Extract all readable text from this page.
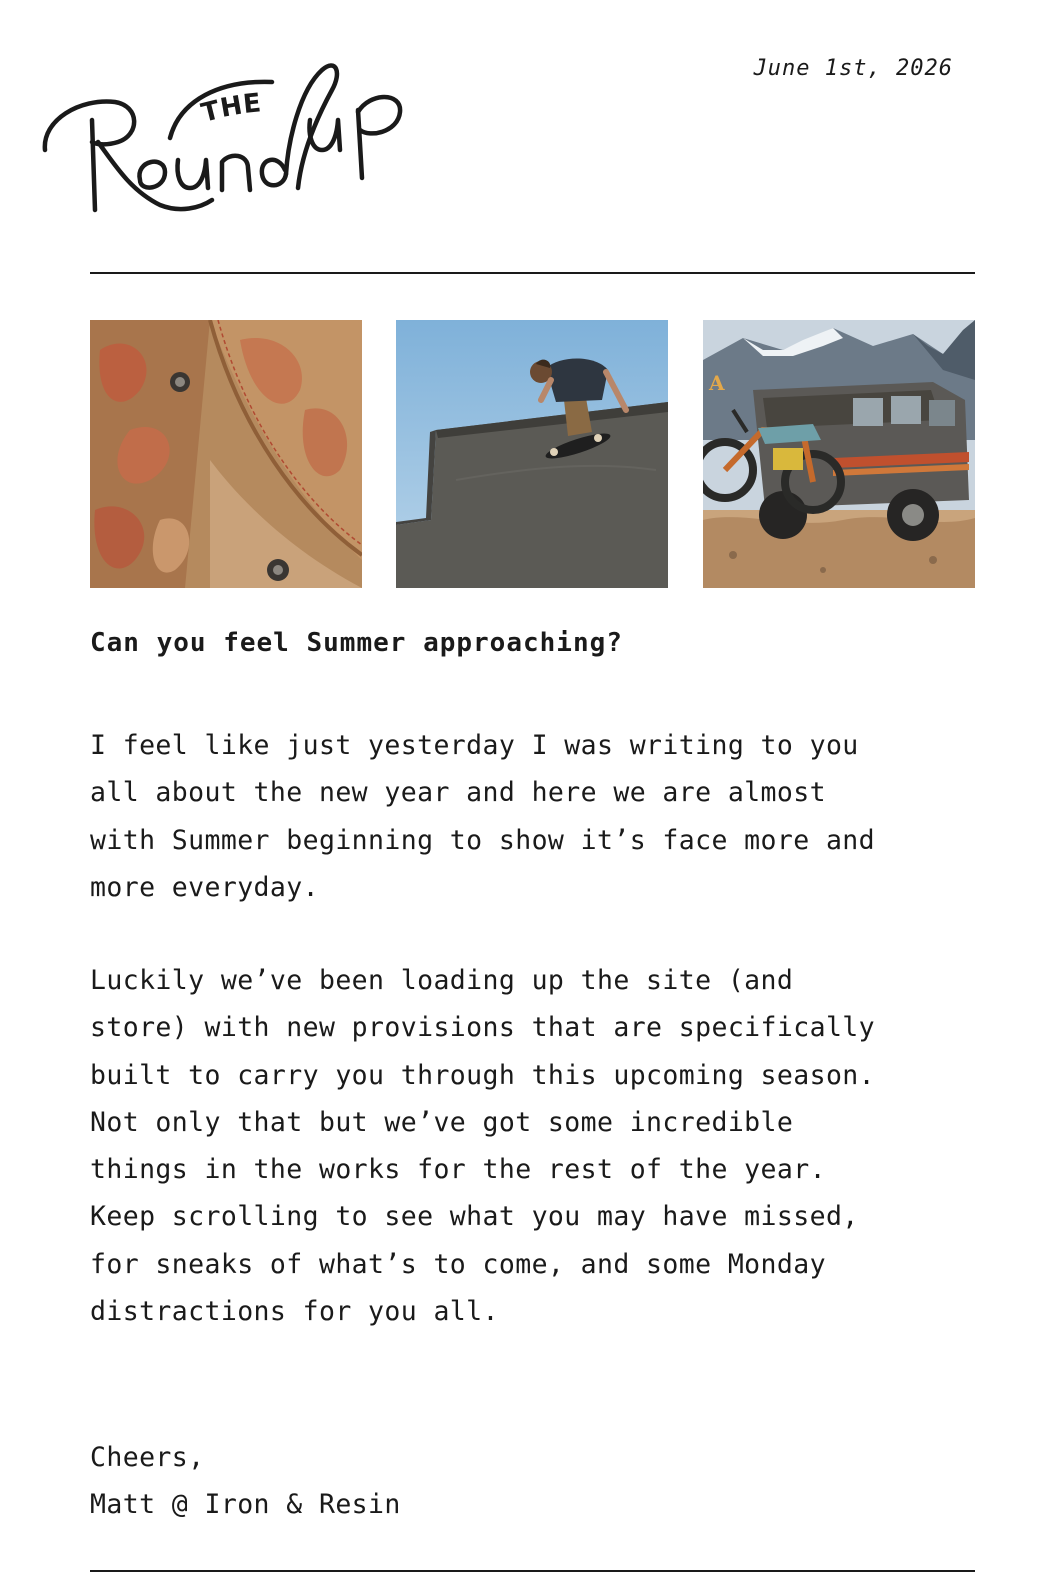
T
H
E
June 1st, 2026
A
Can you feel Summer approaching?
I feel like just yesterday I was writing to you
all about the new year and here we are almost
with Summer beginning to show it’s face more and
more everyday.
Luckily we’ve been loading up the site (and
store) with new provisions that are specifically
built to carry you through this upcoming season.
Not only that but we’ve got some incredible
things in the works for the rest of the year.
Keep scrolling to see what you may have missed,
for sneaks of what’s to come, and some Monday
distractions for you all.
Cheers,
Matt @ Iron & Resin
